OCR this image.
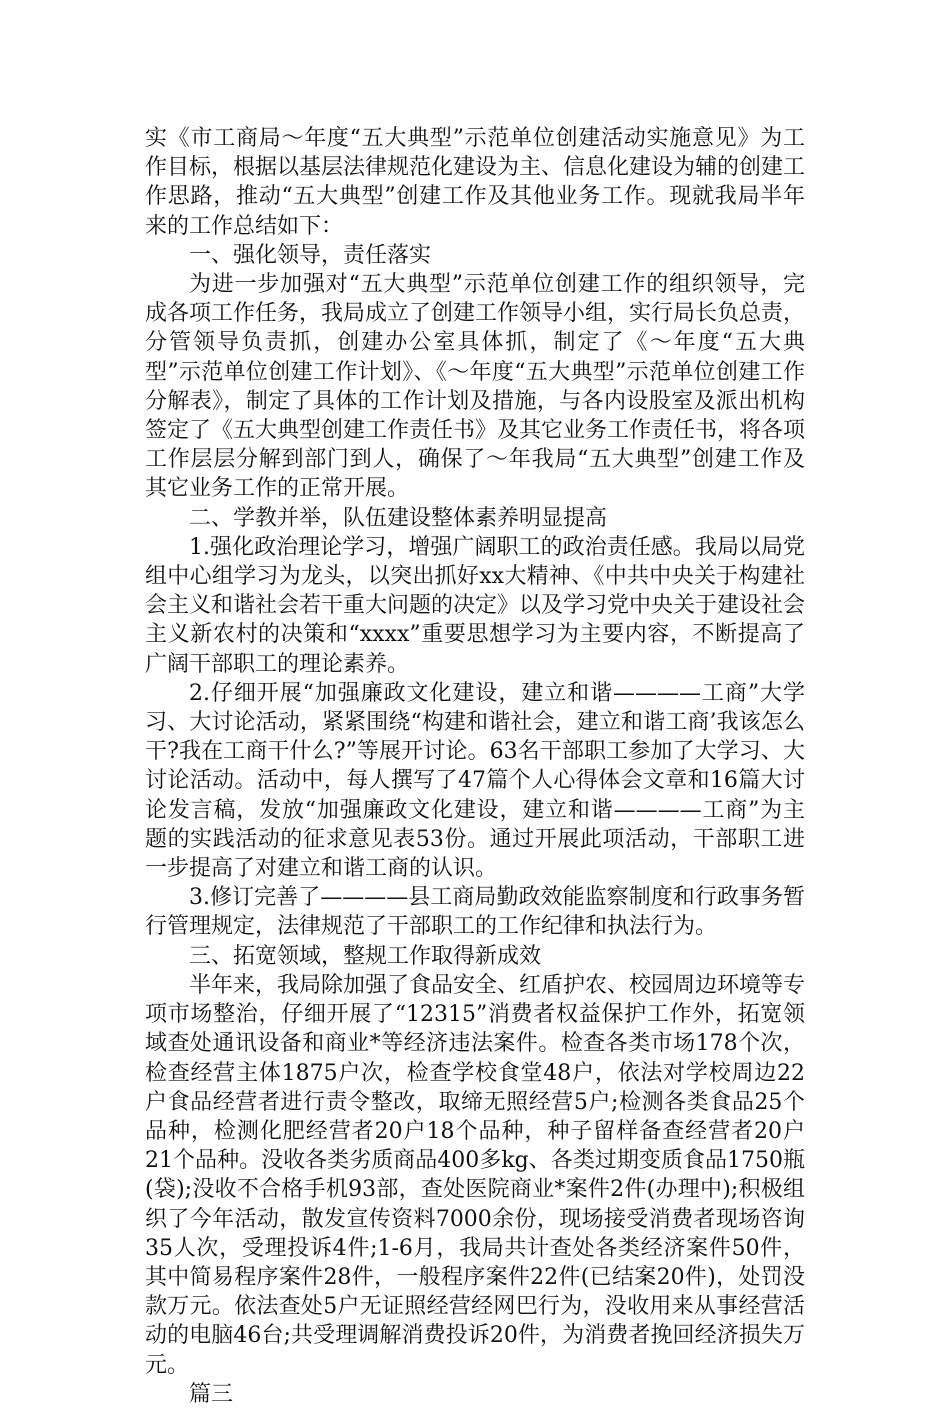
实《市工商局～年度“五大典型”示范单位创建活动实施意见》为工作目标，根据以基层法律规范化建设为主、信息化建设为辅的创建工作思路，推动“五大典型”创建工作及其他业务工作。现就我局半年来的工作总结如下：

一、强化领导，责任落实

为进一步加强对“五大典型”示范单位创建工作的组织领导，完成各项工作任务，我局成立了创建工作领导小组，实行局长负总责，分管领导负责抓，创建办公室具体抓，制定了《～年度“五大典型”示范单位创建工作计划》、《～年度“五大典型”示范单位创建工作分解表》，制定了具体的工作计划及措施，与各内设股室及派出机构签定了《五大典型创建工作责任书》及其它业务工作责任书，将各项工作层层分解到部门到人，确保了～年我局“五大典型”创建工作及其它业务工作的正常开展。

二、学教并举，队伍建设整体素养明显提高

1.强化政治理论学习，增强广阔职工的政治责任感。我局以局党组中心组学习为龙头，以突出抓好xx大精神、《中共中央关于构建社会主义和谐社会若干重大问题的决定》以及学习党中央关于建设社会主义新农村的决策和“xxxx”重要思想学习为主要内容，不断提高了广阔干部职工的理论素养。

2.仔细开展“加强廉政文化建设，建立和谐————工商”大学习、大讨论活动，紧紧围绕“构建和谐社会，建立和谐工商’我该怎么干?我在工商干什么?”等展开讨论。63名干部职工参加了大学习、大讨论活动。活动中，每人撰写了47篇个人心得体会文章和16篇大讨论发言稿，发放“加强廉政文化建设，建立和谐————工商”为主题的实践活动的征求意见表53份。通过开展此项活动，干部职工进一步提高了对建立和谐工商的认识。

3.修订完善了————县工商局勤政效能监察制度和行政事务暂行管理规定，法律规范了干部职工的工作纪律和执法行为。

三、拓宽领域，整规工作取得新成效

半年来，我局除加强了食品安全、红盾护农、校园周边环境等专项市场整治，仔细开展了“12315”消费者权益保护工作外，拓宽领域查处通讯设备和商业*等经济违法案件。检查各类市场178个次，检查经营主体1875户次，检查学校食堂48户，依法对学校周边22户食品经营者进行责令整改，取缔无照经营5户;检测各类食品25个品种，检测化肥经营者20户18个品种，种子留样备查经营者20户21个品种。没收各类劣质商品400多kg、各类过期变质食品1750瓶(袋);没收不合格手机93部，查处医院商业*案件2件(办理中);积极组织了今年活动，散发宣传资料7000余份，现场接受消费者现场咨询35人次，受理投诉4件;1-6月，我局共计查处各类经济案件50件，其中简易程序案件28件，一般程序案件22件(已结案20件)，处罚没款万元。依法查处5户无证照经营经网巴行为，没收用来从事经营活动的电脑46台;共受理调解消费投诉20件，为消费者挽回经济损失万元。

篇三
